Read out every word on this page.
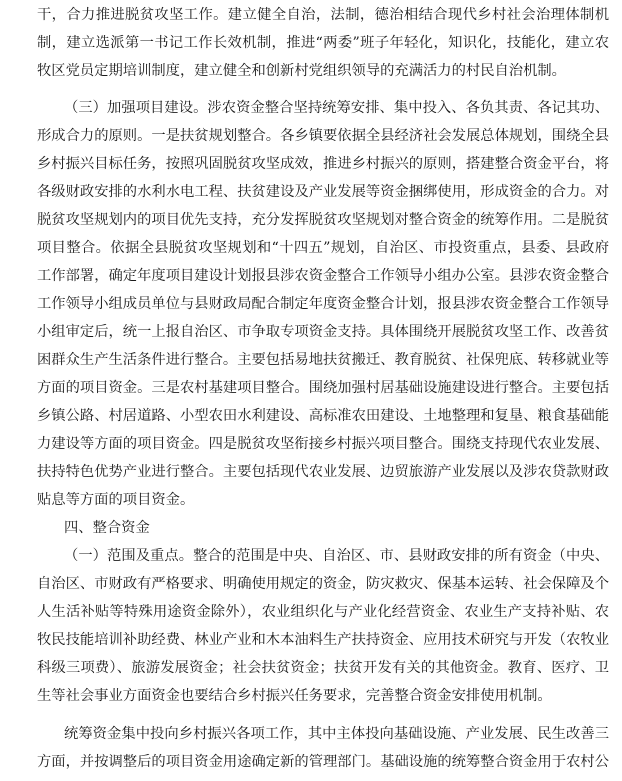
干，合力推进脱贫攻坚工作。建立健全自治，法制，德治相结合现代乡村社会治理体制机
制，建立选派第一书记工作长效机制，推进“两委”班子年轻化，知识化，技能化，建立农
牧区党员定期培训制度，建立健全和创新村党组织领导的充满活力的村民自治机制。
（三）加强项目建设。涉农资金整合坚持统筹安排、集中投入、各负其责、各记其功、
形成合力的原则。一是扶贫规划整合。各乡镇要依据全县经济社会发展总体规划，围绕全县
乡村振兴目标任务，按照巩固脱贫攻坚成效，推进乡村振兴的原则，搭建整合资金平台，将
各级财政安排的水利水电工程、扶贫建设及产业发展等资金捆绑使用，形成资金的合力。对
脱贫攻坚规划内的项目优先支持，充分发挥脱贫攻坚规划对整合资金的统筹作用。二是脱贫
项目整合。依据全县脱贫攻坚规划和“十四五”规划，自治区、市投资重点，县委、县政府
工作部署，确定年度项目建设计划报县涉农资金整合工作领导小组办公室。县涉农资金整合
工作领导小组成员单位与县财政局配合制定年度资金整合计划，报县涉农资金整合工作领导
小组审定后，统一上报自治区、市争取专项资金支持。具体围绕开展脱贫攻坚工作、改善贫
困群众生产生活条件进行整合。主要包括易地扶贫搬迁、教育脱贫、社保兜底、转移就业等
方面的项目资金。三是农村基建项目整合。围绕加强村居基础设施建设进行整合。主要包括
乡镇公路、村居道路、小型农田水利建设、高标准农田建设、土地整理和复垦、粮食基础能
力建设等方面的项目资金。四是脱贫攻坚衔接乡村振兴项目整合。围绕支持现代农业发展、
扶持特色优势产业进行整合。主要包括现代农业发展、边贸旅游产业发展以及涉农贷款财政
贴息等方面的项目资金。
四、整合资金
（一）范围及重点。整合的范围是中央、自治区、市、县财政安排的所有资金（中央、
自治区、市财政有严格要求、明确使用规定的资金，防灾救灾、保基本运转、社会保障及个
人生活补贴等特殊用途资金除外），农业组织化与产业化经营资金、农业生产支持补贴、农
牧民技能培训补助经费、林业产业和木本油料生产扶持资金、应用技术研究与开发（农牧业
科级三项费）、旅游发展资金；社会扶贫资金；扶贫开发有关的其他资金。教育、医疗、卫
生等社会事业方面资金也要结合乡村振兴任务要求，完善整合资金安排使用机制。
统筹资金集中投向乡村振兴各项工作，其中主体投向基础设施、产业发展、民生改善三
方面，并按调整后的项目资金用途确定新的管理部门。基础设施的统筹整合资金用于农村公
